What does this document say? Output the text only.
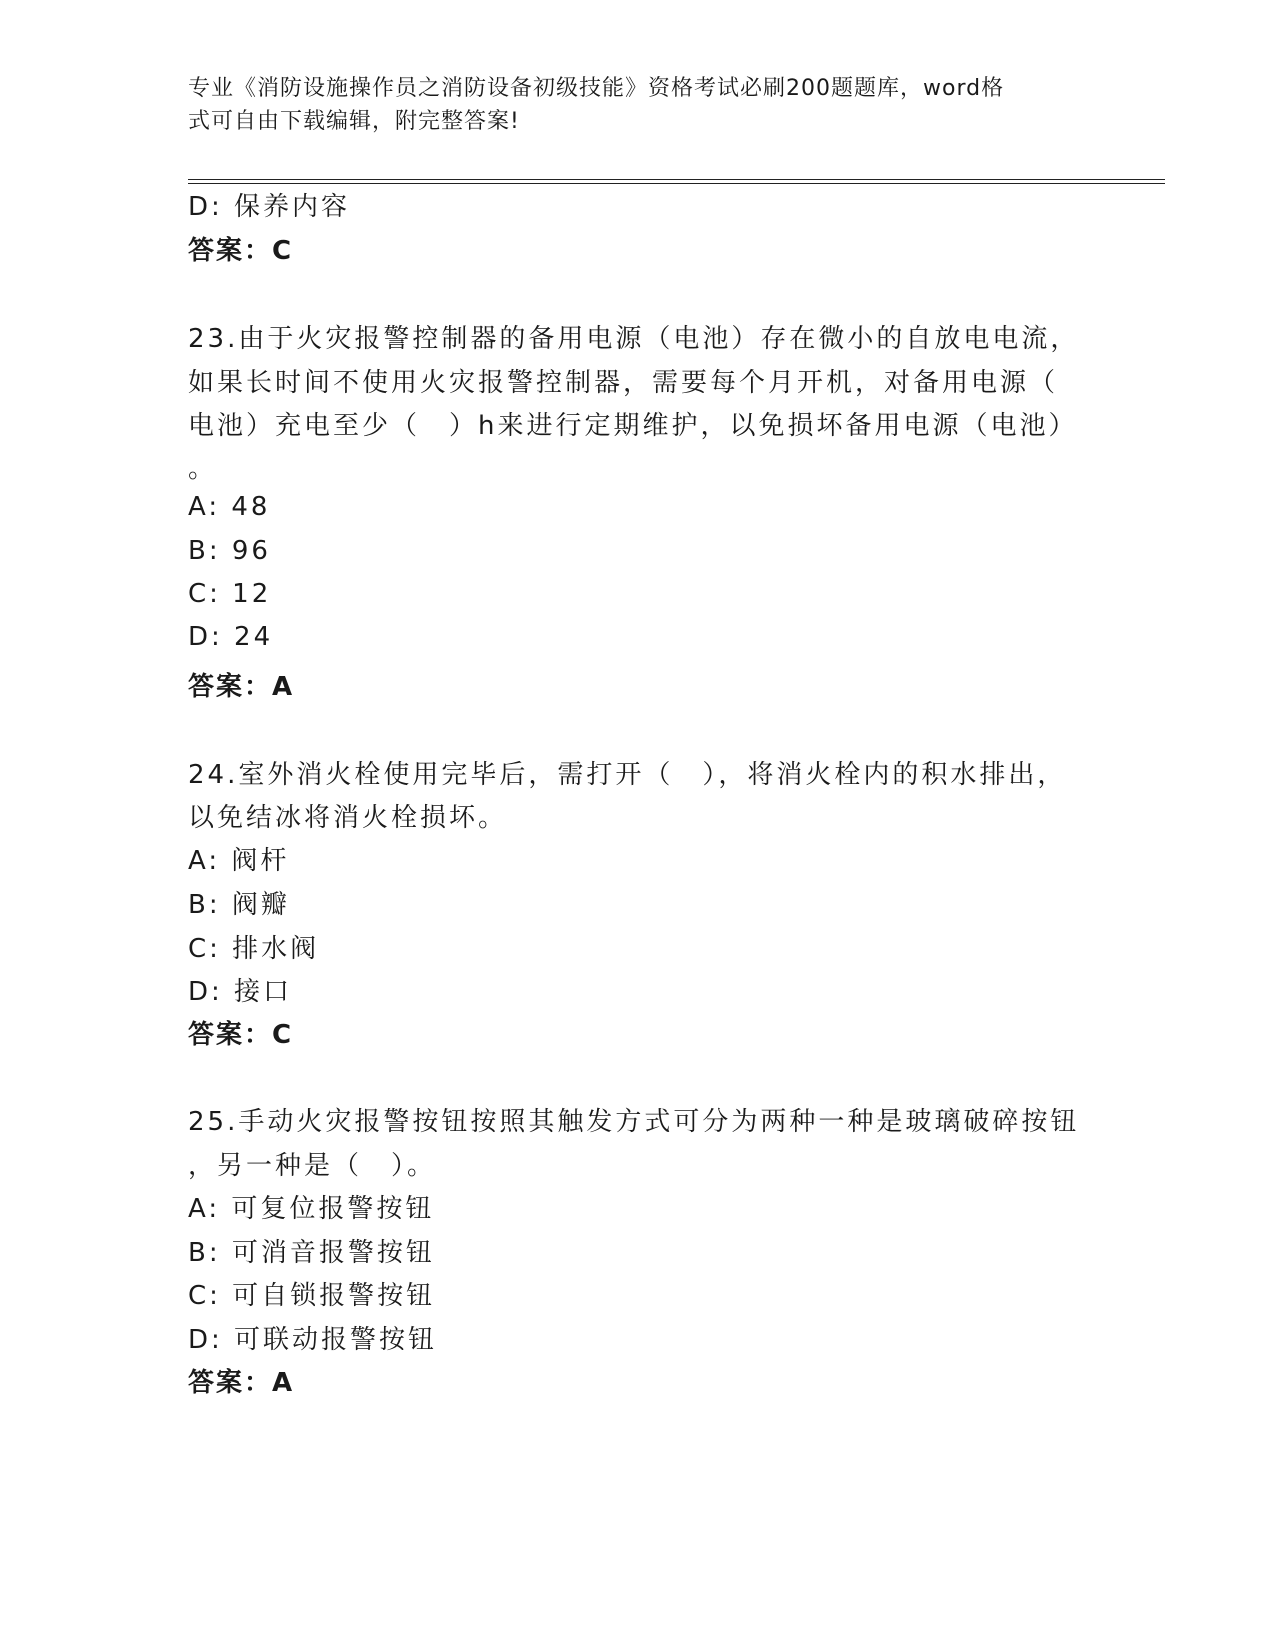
专业《消防设施操作员之消防设备初级技能》资格考试必刷200题题库，word格
式可自由下载编辑，附完整答案!
D: 保养内容
答案：C
23.由于火灾报警控制器的备用电源（电池）存在微小的自放电电流，
如果长时间不使用火灾报警控制器，需要每个月开机，对备用电源（
电池）充电至少（　）h来进行定期维护，以免损坏备用电源（电池）
。
A: 48
B: 96
C: 12
D: 24
答案：A
24.室外消火栓使用完毕后，需打开（　），将消火栓内的积水排出，
以免结冰将消火栓损坏。
A: 阀杆
B: 阀瓣
C: 排水阀
D: 接口
答案：C
25.手动火灾报警按钮按照其触发方式可分为两种一种是玻璃破碎按钮
，另一种是（　）。
A: 可复位报警按钮
B: 可消音报警按钮
C: 可自锁报警按钮
D: 可联动报警按钮
答案：A
